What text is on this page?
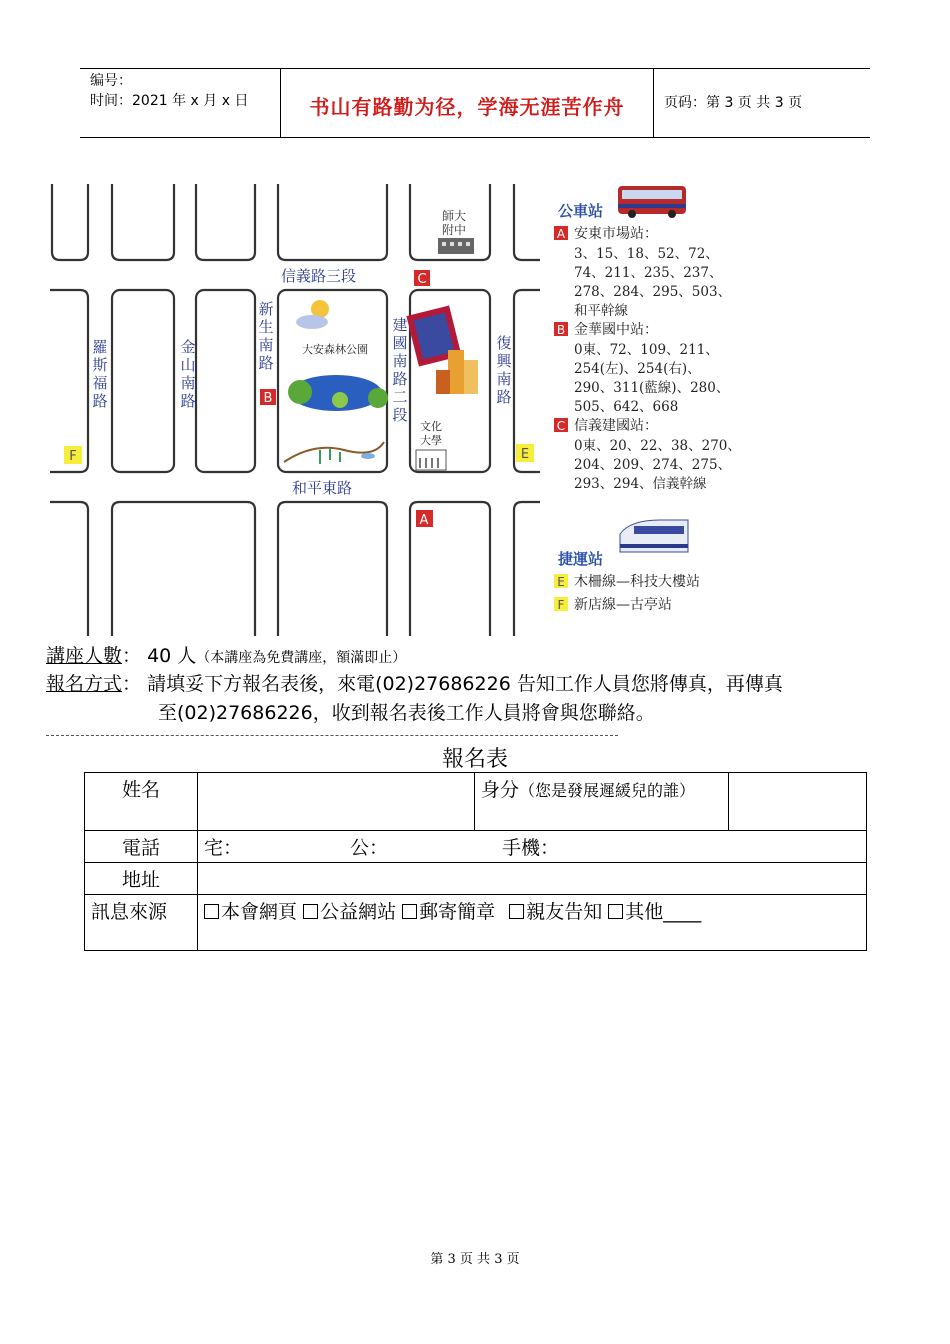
编号：
时间：2021 年 x 月 x 日	书山有路勤为径，学海无涯苦作舟	页码：第 3 页 共 3 页
信義路三段
和平東路
新生南路
建國南路二段
復興南路
金山南路
羅斯福路
師大
附中
大安森林公園
文化
大學
C
B
A
E
F
公車站
A 安東市場站：
3、15、18、52、72、
74、211、235、237、
278、284、295、503、
和平幹線
B 金華國中站：
0東、72、109、211、
254(左)、254(右)、
290、311(藍線)、280、
505、642、668
C 信義建國站：
0東、20、22、38、270、
204、209、274、275、
293、294、信義幹線
捷運站
E 木柵線—科技大樓站
F 新店線—古亭站
講座人數： 40 人（本講座為免費講座，額滿即止）
報名方式： 請填妥下方報名表後，來電(02)27686226 告知工作人員您將傳真，再傳真
至(02)27686226，收到報名表後工作人員將會與您聯絡。
報名表
姓名		身分（您是發展遲緩兒的誰）	
電話	宅： 公： 手機：		
地址			
訊息來源	本會網頁 公益網站 郵寄簡章 親友告知 其他____		
第 3 页 共 3 页
